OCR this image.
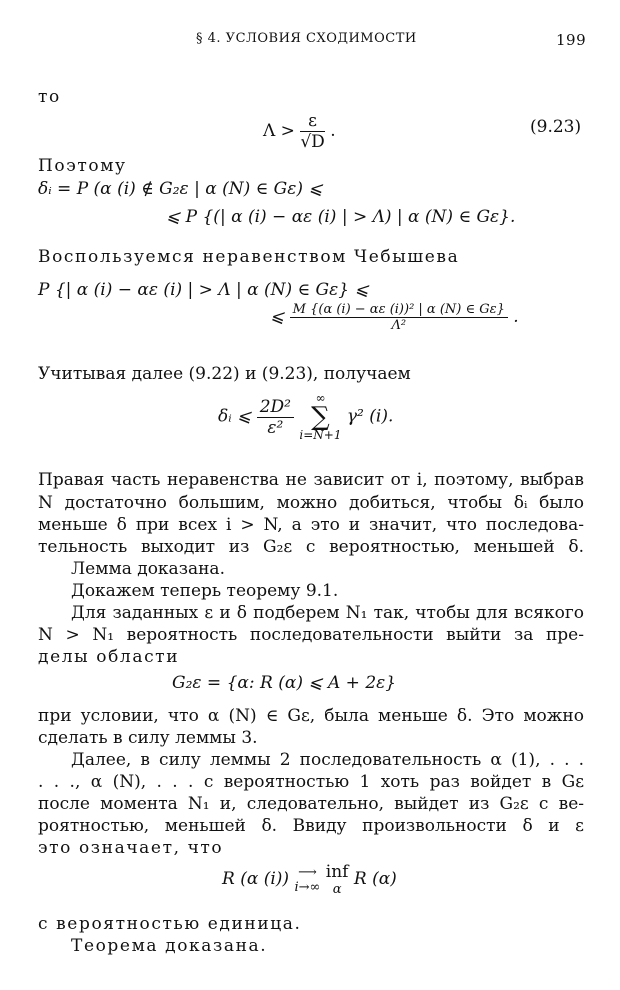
§ 4. УСЛОВИЯ СХОДИМОСТИ	199
то
$\Lambda > \frac{\varepsilon}{√D}$ .	(9.23)
Поэтому
δᵢ = P (α (i) ∉ G₂ε | α (N) ∈ Gε) ⩽
⩽ P {(| α (i) − αε (i) | > Λ) | α (N) ∈ Gε}.
Воспользуемся неравенством Чебышева
P {| α (i) − αε (i) | > Λ | α (N) ∈ Gε} ⩽
⩽ $\frac{\text{M \{(α (i) − αε (i))² | α (N) ∈ Gε\}}}{\text{Λ²}}$ .
Учитывая далее (9.22) и (9.23), получаем
δᵢ ⩽ $\frac{\text{2D²}}{\text{ε²}}$ ∞
∑
i=N+1 γ² (i).
Правая часть неравенства не зависит от i, поэтому, выбрав
N достаточно большим, можно добиться, чтобы δᵢ было
меньше δ при всех i > N, а это и значит, что последова-
тельность выходит из G₂ε с вероятностью, меньшей δ.
Лемма доказана.
Докажем теперь теорему 9.1.
Для заданных ε и δ подберем N₁ так, чтобы для всякого
N > N₁ вероятность последовательности выйти за пре-
делы области
G₂ε = {α: R (α) ⩽ A + 2ε}
при условии, что α (N) ∈ Gε, была меньше δ. Это можно
сделать в силу леммы 3.
Далее, в силу леммы 2 последовательность α (1), . . .
. . ., α (N), . . . с вероятностью 1 хоть раз войдет в Gε
после момента N₁ и, следовательно, выйдет из G₂ε с ве-
роятностью, меньшей δ. Ввиду произвольности δ и ε
это означает, что
R (α (i)) ⟶
i→∞

inf
α
R (α)
с вероятностью единица.
Теорема доказана.
